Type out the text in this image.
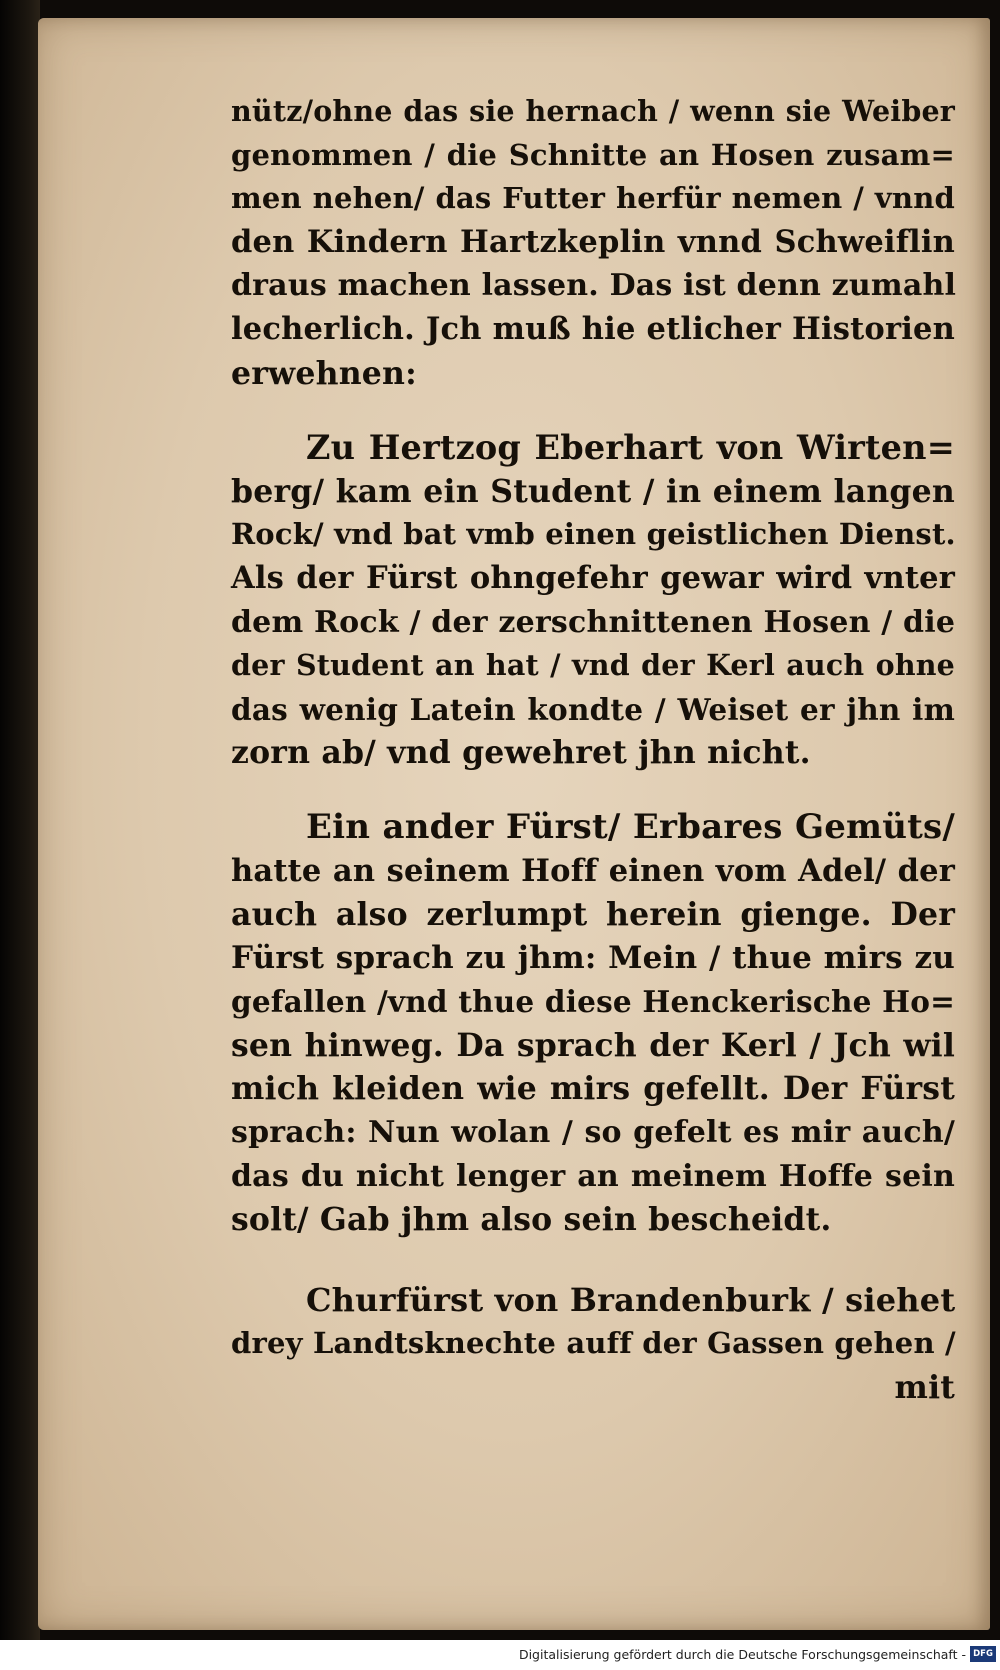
nütz/ohne das sie hernach / wenn sie Weiber
genommen / die Schnitte an Hosen zusam=
men nehen/ das Futter herfür nemen / vnnd
den Kindern Hartzkeplin vnnd Schweiflin
draus machen lassen. Das ist denn zumahl
lecherlich. Jch muß hie etlicher Historien
erwehnen:
Zu Hertzog Eberhart von Wirten=
berg/ kam ein Student / in einem langen
Rock/ vnd bat vmb einen geistlichen Dienst.
Als der Fürst ohngefehr gewar wird vnter
dem Rock / der zerschnittenen Hosen / die
der Student an hat / vnd der Kerl auch ohne
das wenig Latein kondte / Weiset er jhn im
zorn ab/ vnd gewehret jhn nicht.
Ein ander Fürst/ Erbares Gemüts/
hatte an seinem Hoff einen vom Adel/ der
auch also zerlumpt herein gienge. Der
Fürst sprach zu jhm: Mein / thue mirs zu
gefallen /vnd thue diese Henckerische Ho=
sen hinweg. Da sprach der Kerl / Jch wil
mich kleiden wie mirs gefellt. Der Fürst
sprach: Nun wolan / so gefelt es mir auch/
das du nicht lenger an meinem Hoffe sein
solt/ Gab jhm also sein bescheidt.
Churfürst von Brandenburk / siehet
drey Landtsknechte auff der Gassen gehen /
mit
Digitalisierung gefördert durch die Deutsche Forschungsgemeinschaft - DFG
